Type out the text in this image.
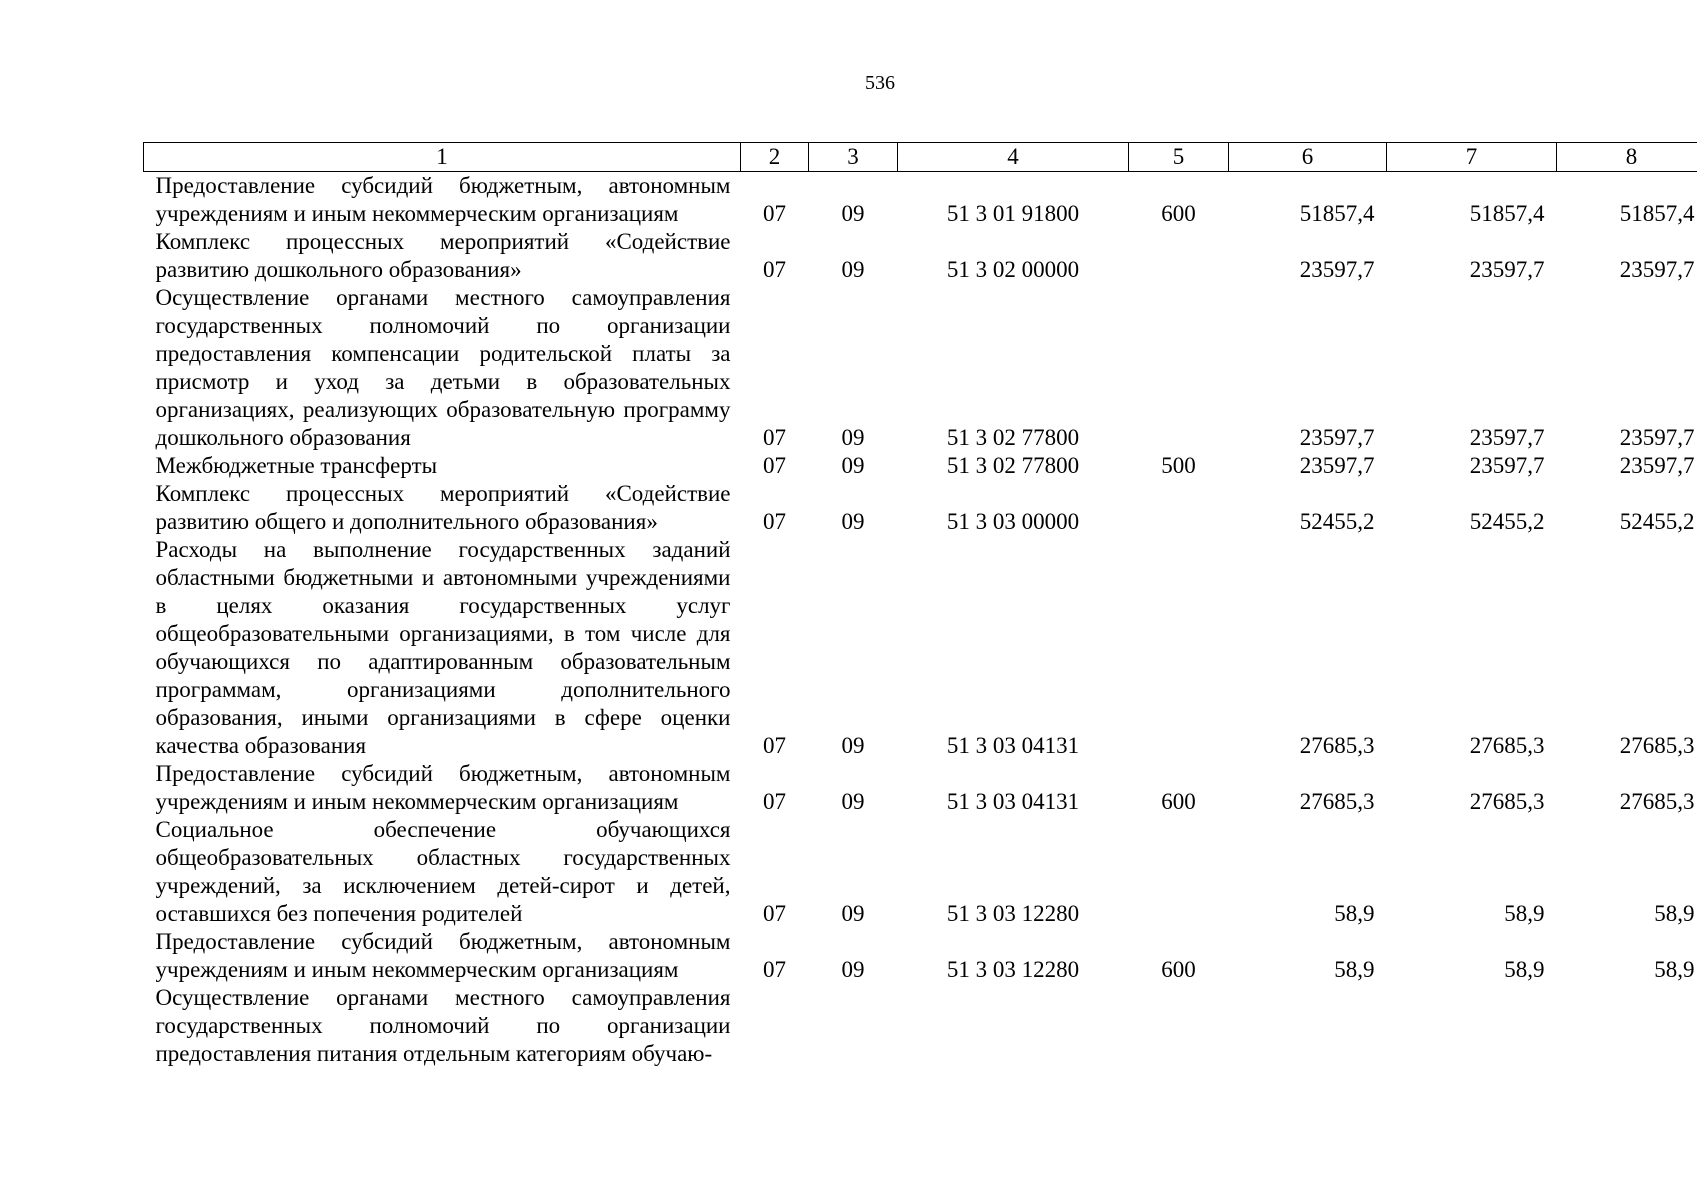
536
1	2	3	4	5	6	7	8
Предоставление субсидий бюджетным, автономным учреждениям и иным некоммерческим организациям	07	09	51 3 01 91800	600	51857,4	51857,4	51857,4
Комплекс процессных мероприятий «Содействие развитию дошкольного образования»	07	09	51 3 02 00000		23597,7	23597,7	23597,7
Осуществление органами местного самоуправления государственных полномочий по организации предоставления компенсации родительской платы за присмотр и уход за детьми в образовательных организациях, реализующих образовательную программу дошкольного образования	07	09	51 3 02 77800		23597,7	23597,7	23597,7
Межбюджетные трансферты	07	09	51 3 02 77800	500	23597,7	23597,7	23597,7
Комплекс процессных мероприятий «Содействие развитию общего и дополнительного образования»	07	09	51 3 03 00000		52455,2	52455,2	52455,2
Расходы на выполнение государственных заданий областными бюджетными и автономными учреждениями в целях оказания государственных услуг общеобразовательными организациями, в том числе для обучающихся по адаптированным образовательным программам, организациями дополнительного образования, иными организациями в сфере оценки качества образования	07	09	51 3 03 04131		27685,3	27685,3	27685,3
Предоставление субсидий бюджетным, автономным учреждениям и иным некоммерческим организациям	07	09	51 3 03 04131	600	27685,3	27685,3	27685,3
Социальное обеспечение обучающихся общеобразовательных областных государственных учреждений, за исключением детей-сирот и детей, оставшихся без попечения родителей	07	09	51 3 03 12280		58,9	58,9	58,9
Предоставление субсидий бюджетным, автономным учреждениям и иным некоммерческим организациям	07	09	51 3 03 12280	600	58,9	58,9	58,9
Осуществление органами местного самоуправления государственных полномочий по организации предоставления питания отдельным категориям обучаю-							
